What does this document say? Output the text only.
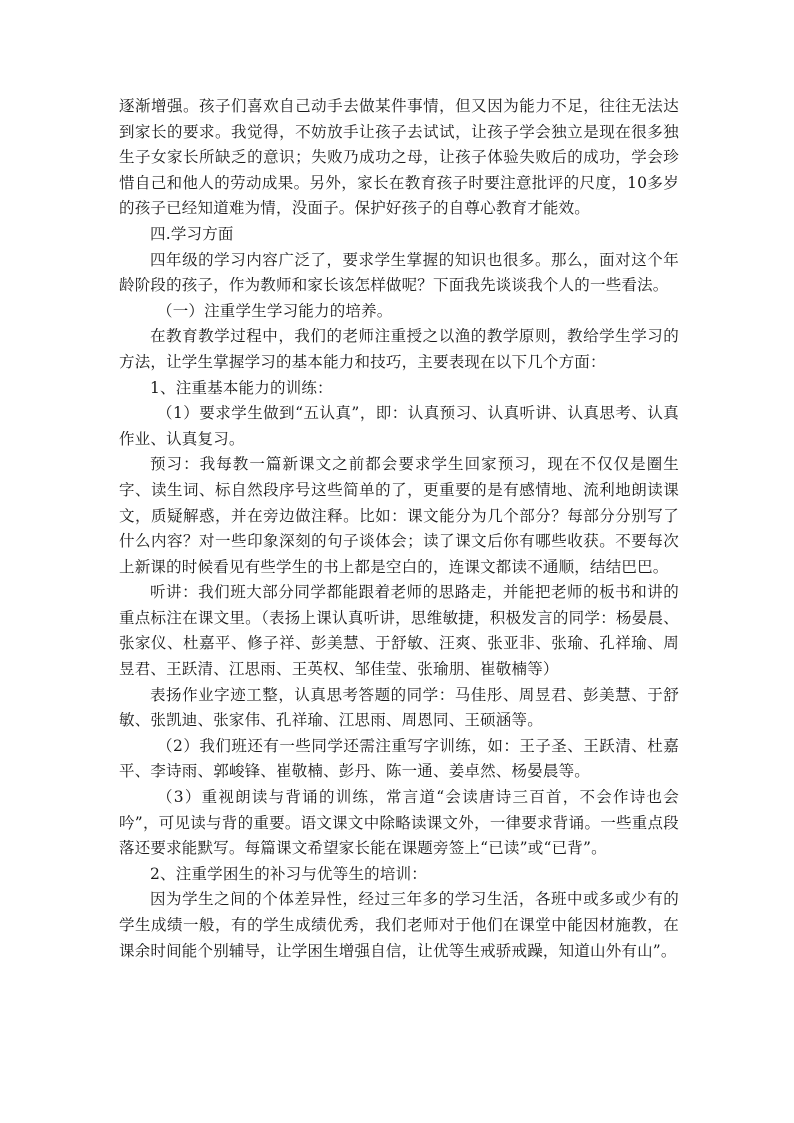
逐渐增强。孩子们喜欢自己动手去做某件事情，但又因为能力不足，往往无法达到家长的要求。我觉得，不妨放手让孩子去试试，让孩子学会独立是现在很多独生子女家长所缺乏的意识；失败乃成功之母，让孩子体验失败后的成功，学会珍惜自己和他人的劳动成果。另外，家长在教育孩子时要注意批评的尺度，10多岁的孩子已经知道难为情，没面子。保护好孩子的自尊心教育才能效。

四.学习方面

四年级的学习内容广泛了，要求学生掌握的知识也很多。那么，面对这个年龄阶段的孩子，作为教师和家长该怎样做呢？下面我先谈谈我个人的一些看法。

（一）注重学生学习能力的培养。

在教育教学过程中，我们的老师注重授之以渔的教学原则，教给学生学习的方法，让学生掌握学习的基本能力和技巧，主要表现在以下几个方面：

1、注重基本能力的训练：

（1）要求学生做到“五认真”，即：认真预习、认真听讲、认真思考、认真作业、认真复习。

预习：我每教一篇新课文之前都会要求学生回家预习，现在不仅仅是圈生字、读生词、标自然段序号这些简单的了，更重要的是有感情地、流利地朗读课文，质疑解惑，并在旁边做注释。比如：课文能分为几个部分？每部分分别写了什么内容？对一些印象深刻的句子谈体会；读了课文后你有哪些收获。不要每次上新课的时候看见有些学生的书上都是空白的，连课文都读不通顺，结结巴巴。

听讲：我们班大部分同学都能跟着老师的思路走，并能把老师的板书和讲的重点标注在课文里。（表扬上课认真听讲，思维敏捷，积极发言的同学：杨晏晨、张家仪、杜嘉平、修子祥、彭美慧、于舒敏、汪爽、张亚非、张瑜、孔祥瑜、周昱君、王跃清、江思雨、王英权、邹佳莹、张瑜朋、崔敬楠等）

表扬作业字迹工整，认真思考答题的同学：马佳彤、周昱君、彭美慧、于舒敏、张凯迪、张家伟、孔祥瑜、江思雨、周恩同、王硕涵等。

（2）我们班还有一些同学还需注重写字训练，如：王子圣、王跃清、杜嘉平、李诗雨、郭峻锋、崔敬楠、彭丹、陈一通、姜卓然、杨晏晨等。

（3）重视朗读与背诵的训练，常言道“会读唐诗三百首，不会作诗也会吟”，可见读与背的重要。语文课文中除略读课文外，一律要求背诵。一些重点段落还要求能默写。每篇课文希望家长能在课题旁签上“已读”或“已背”。

2、注重学困生的补习与优等生的培训：

因为学生之间的个体差异性，经过三年多的学习生活，各班中或多或少有的学生成绩一般，有的学生成绩优秀，我们老师对于他们在课堂中能因材施教，在课余时间能个别辅导，让学困生增强自信，让优等生戒骄戒躁，知道山外有山”。
